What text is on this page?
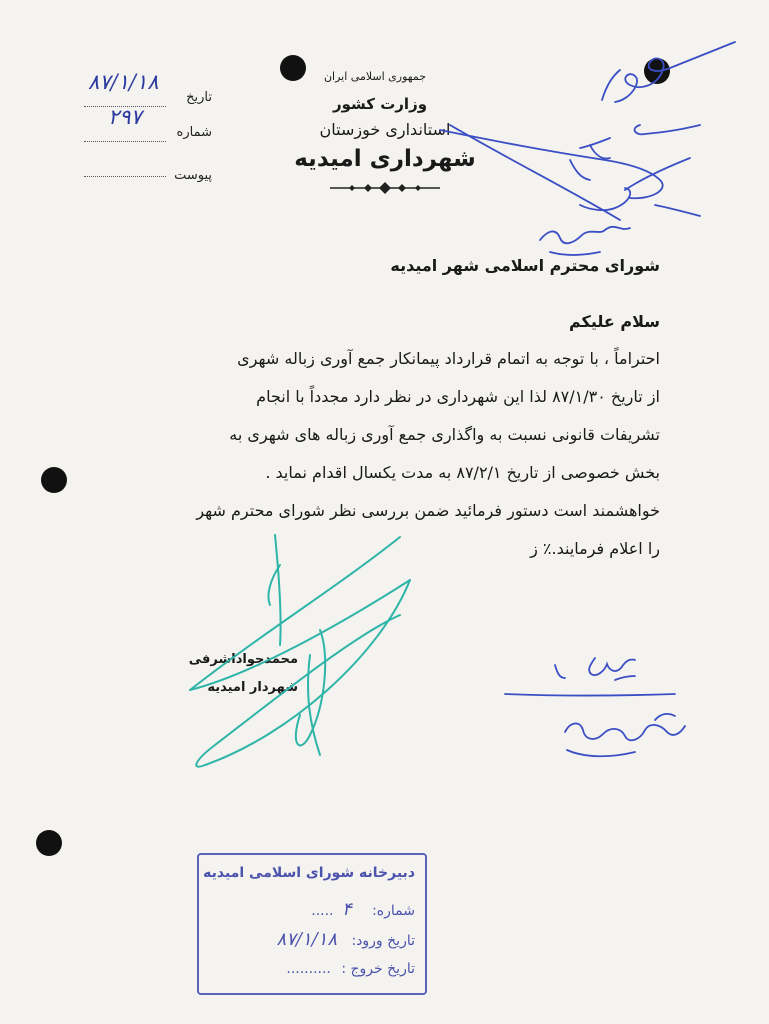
جمهوری اسلامی ایران
وزارت کشور
استانداری خوزستان
شهرداری امیدیه
تاریخ
۸۷/۱/۱۸
شماره
۲۹۷
پیوست
شورای محترم اسلامی شهر امیدیه
سلام علیکم
احتراماً ، با توجه به اتمام قرارداد پیمانکار جمع آوری زباله شهری
از تاریخ ۸۷/۱/۳۰ لذا این شهرداری در نظر دارد مجدداً با انجام
تشریفات قانونی نسبت به واگذاری جمع آوری زباله های شهری به
بخش خصوصی از تاریخ ۸۷/۲/۱ به مدت یکسال اقدام نماید .
خواهشمند است دستور فرمائید ضمن بررسی نظر شورای محترم شهر
را اعلام فرمایند.٪ ز
محمدجواداشرفی
شهردار امیدیه
دبیرخانه شورای اسلامی امیدیه
شماره: ۴ .....
تاریخ ورود: ۸۷/۱/۱۸
تاریخ خروج : ..........
